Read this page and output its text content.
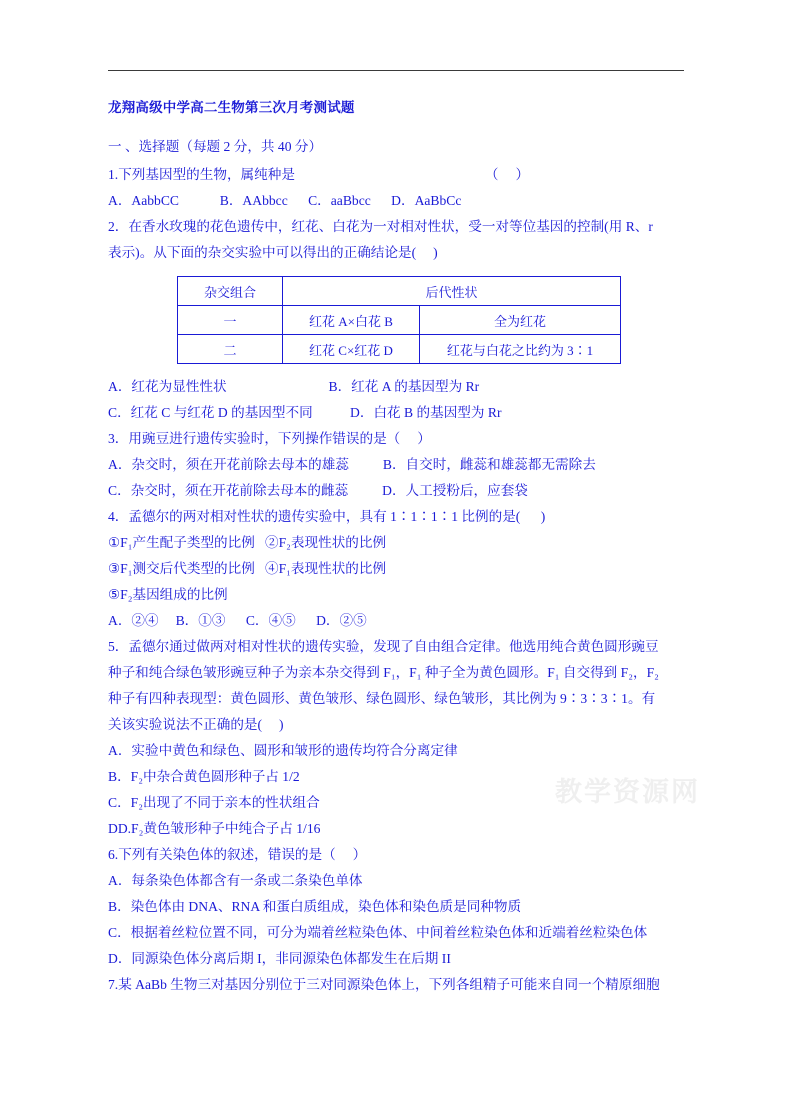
教学资源网
龙翔高级中学高二生物第三次月考测试题
一 、选择题（每题 2 分，共 40 分）
1.下列基因型的生物，属纯种是	（     ）
A．AabbCC            B．AAbbcc      C．aaBbcc      D．AaBbCc
2．在香水玫瑰的花色遗传中，红花、白花为一对相对性状，受一对等位基因的控制(用 R、r
表示)。从下面的杂交实验中可以得出的正确结论是(     )
杂交组合	后代性状	
一	红花 A×白花 B	全为红花
二	红花 C×红花 D	红花与白花之比约为 3∶1
A．红花为显性性状                              B．红花 A 的基因型为 Rr
C．红花 C 与红花 D 的基因型不同           D．白花 B 的基因型为 Rr
3．用豌豆进行遗传实验时，下列操作错误的是（     ）
A．杂交时，须在开花前除去母本的雄蕊          B．自交时，雌蕊和雄蕊都无需除去
C．杂交时，须在开花前除去母本的雌蕊          D．人工授粉后，应套袋
4．孟德尔的两对相对性状的遗传实验中，具有 1∶1∶1∶1 比例的是(      )
①F₁产生配子类型的比例   ②F₂表现性状的比例
③F₁测交后代类型的比例   ④F₁表现性状的比例
⑤F₂基因组成的比例
A．②④     B．①③      C．④⑤      D．②⑤
5．孟德尔通过做两对相对性状的遗传实验，发现了自由组合定律。他选用纯合黄色圆形豌豆
种子和纯合绿色皱形豌豆种子为亲本杂交得到 F₁，F₁ 种子全为黄色圆形。F₁ 自交得到 F₂，F₂
种子有四种表现型：黄色圆形、黄色皱形、绿色圆形、绿色皱形，其比例为 9∶3∶3∶1。有
关该实验说法不正确的是(     )
A．实验中黄色和绿色、圆形和皱形的遗传均符合分离定律
B．F₂中杂合黄色圆形种子占 1/2
C．F₂出现了不同于亲本的性状组合
DD.F₂黄色皱形种子中纯合子占 1/16
6.下列有关染色体的叙述，错误的是（     ）
A．每条染色体都含有一条或二条染色单体
B．染色体由 DNA、RNA 和蛋白质组成，染色体和染色质是同种物质
C．根据着丝粒位置不同，可分为端着丝粒染色体、中间着丝粒染色体和近端着丝粒染色体
D．同源染色体分离后期 I，非同源染色体都发生在后期 II
7.某 AaBb 生物三对基因分别位于三对同源染色体上，下列各组精子可能来自同一个精原细胞
